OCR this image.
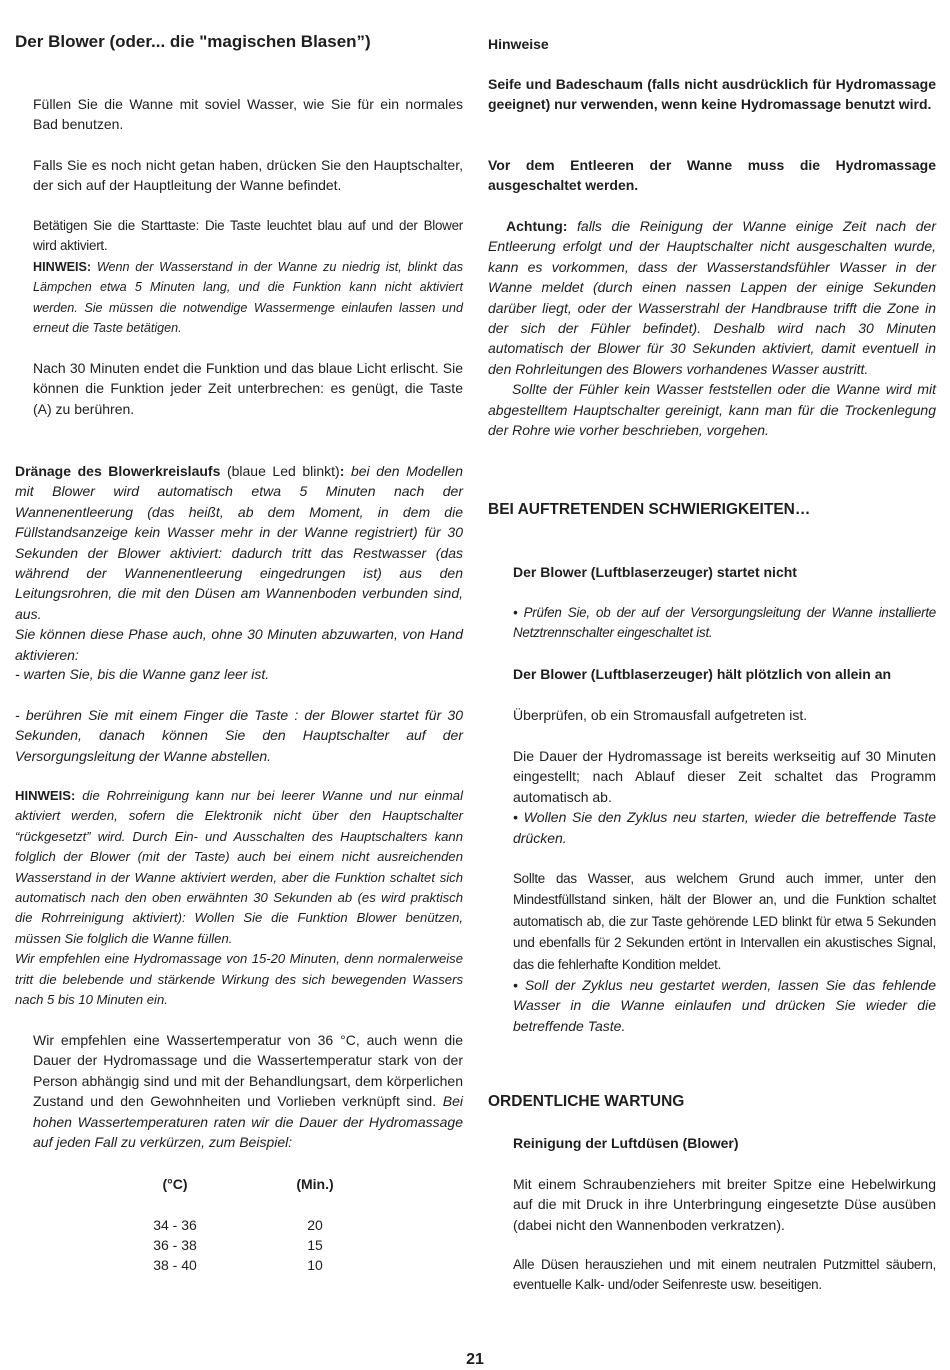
Der Blower (oder... die "magischen Blasen”)
Füllen Sie die Wanne mit soviel Wasser, wie Sie für ein normales Bad benutzen.
Falls Sie es noch nicht getan haben, drücken Sie den Hauptschalter, der sich auf der Hauptleitung der Wanne befindet.
Betätigen Sie die Starttaste: Die Taste leuchtet blau auf und der Blower wird aktiviert.
HINWEIS: Wenn der Wasserstand in der Wanne zu niedrig ist, blinkt das Lämpchen etwa 5 Minuten lang, und die Funktion kann nicht aktiviert werden. Sie müssen die notwendige Wassermenge einlaufen lassen und erneut die Taste betätigen.
Nach 30 Minuten endet die Funktion und das blaue Licht erlischt. Sie können die Funktion jeder Zeit unterbrechen: es genügt, die Taste (A) zu berühren.
Dränage des Blowerkreislaufs (blaue Led blinkt): bei den Modellen mit Blower wird automatisch etwa 5 Minuten nach der Wannenentleerung (das heißt, ab dem Moment, in dem die Füllstandsanzeige kein Wasser mehr in der Wanne registriert) für 30 Sekunden der Blower aktiviert: dadurch tritt das Restwasser (das während der Wannenentleerung eingedrungen ist) aus den Leitungsrohren, die mit den Düsen am Wannenboden verbunden sind, aus.
Sie können diese Phase auch, ohne 30 Minuten abzuwarten, von Hand aktivieren:
- warten Sie, bis die Wanne ganz leer ist.
- berühren Sie mit einem Finger die Taste : der Blower startet für 30 Sekunden, danach können Sie den Hauptschalter auf der Versorgungsleitung der Wanne abstellen.
HINWEIS: die Rohrreinigung kann nur bei leerer Wanne und nur einmal aktiviert werden, sofern die Elektronik nicht über den Hauptschalter “rückgesetzt” wird. Durch Ein- und Ausschalten des Hauptschalters kann folglich der Blower (mit der Taste) auch bei einem nicht ausreichenden Wasserstand in der Wanne aktiviert werden, aber die Funktion schaltet sich automatisch nach den oben erwähnten 30 Sekunden ab (es wird praktisch die Rohrreinigung aktiviert): Wollen Sie die Funktion Blower benützen, müssen Sie folglich die Wanne füllen.
Wir empfehlen eine Hydromassage von 15-20 Minuten, denn normalerweise tritt die belebende und stärkende Wirkung des sich bewegenden Wassers nach 5 bis 10 Minuten ein.
Wir empfehlen eine Wassertemperatur von 36 °C, auch wenn die Dauer der Hydromassage und die Wassertemperatur stark von der Person abhängig sind und mit der Behandlungsart, dem körperlichen Zustand und den Gewohnheiten und Vorlieben verknüpft sind. Bei hohen Wassertemperaturen raten wir die Dauer der Hydromassage auf jeden Fall zu verkürzen, zum Beispiel:
(°C)	(Min.)
34 - 36	20
36 - 38	15
38 - 40	10
Hinweise
Seife und Badeschaum (falls nicht ausdrücklich für Hydromassage geeignet) nur verwenden, wenn keine Hydromassage benutzt wird.
Vor dem Entleeren der Wanne muss die Hydromassage ausgeschaltet werden.
Achtung: falls die Reinigung der Wanne einige Zeit nach der Entleerung erfolgt und der Hauptschalter nicht ausgeschalten wurde, kann es vorkommen, dass der Wasserstandsfühler Wasser in der Wanne meldet (durch einen nassen Lappen der einige Sekunden darüber liegt, oder der Wasserstrahl der Handbrause trifft die Zone in der sich der Fühler befindet). Deshalb wird nach 30 Minuten automatisch der Blower für 30 Sekunden aktiviert, damit eventuell in den Rohrleitungen des Blowers vorhandenes Wasser austritt.
Sollte der Fühler kein Wasser feststellen oder die Wanne wird mit abgestelltem Hauptschalter gereinigt, kann man für die Trockenlegung der Rohre wie vorher beschrieben, vorgehen.
BEI AUFTRETENDEN SCHWIERIGKEITEN…
Der Blower (Luftblaserzeuger) startet nicht
• Prüfen Sie, ob der auf der Versorgungsleitung der Wanne installierte Netztrennschalter eingeschaltet ist.
Der Blower (Luftblaserzeuger) hält plötzlich von allein an
Überprüfen, ob ein Stromausfall aufgetreten ist.
Die Dauer der Hydromassage ist bereits werkseitig auf 30 Minuten eingestellt; nach Ablauf dieser Zeit schaltet das Programm automatisch ab.
• Wollen Sie den Zyklus neu starten, wieder die betreffende Taste drücken.
Sollte das Wasser, aus welchem Grund auch immer, unter den Mindestfüllstand sinken, hält der Blower an, und die Funktion schaltet automatisch ab, die zur Taste gehörende LED blinkt für etwa 5 Sekunden und ebenfalls für 2 Sekunden ertönt in Intervallen ein akustisches Signal, das die fehlerhafte Kondition meldet.
• Soll der Zyklus neu gestartet werden, lassen Sie das fehlende Wasser in die Wanne einlaufen und drücken Sie wieder die betreffende Taste.
ORDENTLICHE WARTUNG
Reinigung der Luftdüsen (Blower)
Mit einem Schraubenziehers mit breiter Spitze eine Hebelwirkung auf die mit Druck in ihre Unterbringung eingesetzte Düse ausüben (dabei nicht den Wannenboden verkratzen).
Alle Düsen herausziehen und mit einem neutralen Putzmittel säubern, eventuelle Kalk- und/oder Seifenreste usw. beseitigen.
21
